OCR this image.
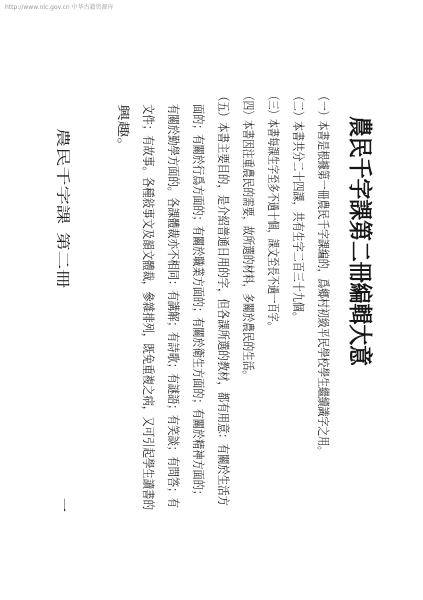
http://www.nlc.gov.cn 中华古籍资源库
農民千字課第二冊編輯大意
（一）本書是根據第一冊農民千字課編的，爲鄉村初級平民學校學生繼續識字之用。
（二）本書共分二十四課，共有生字二百三十九個。
（三）本書每課生字至多不過十個，課文至長不過一百字。
（四）本書因注重農民的需要，故所選的材料，多關於農民的生活。
（五）本書主要目的，是介紹普通日用的字，但各課所選的教材，都有用意：有關於生活方
面的；有關於行爲方面的；有關於職業方面的；有關於衛生方面的；有關於精神方面的；
有關於勤學方面的。各課體裁亦不相同：有講解；有詩歌；有謎語；有笑談；有問答；有
文件；有故事。各種敍事文及韻文體裁，參雜排列，既免重複之病，又可引起學生讀書的
興趣。
農民千字課
第二冊
一
